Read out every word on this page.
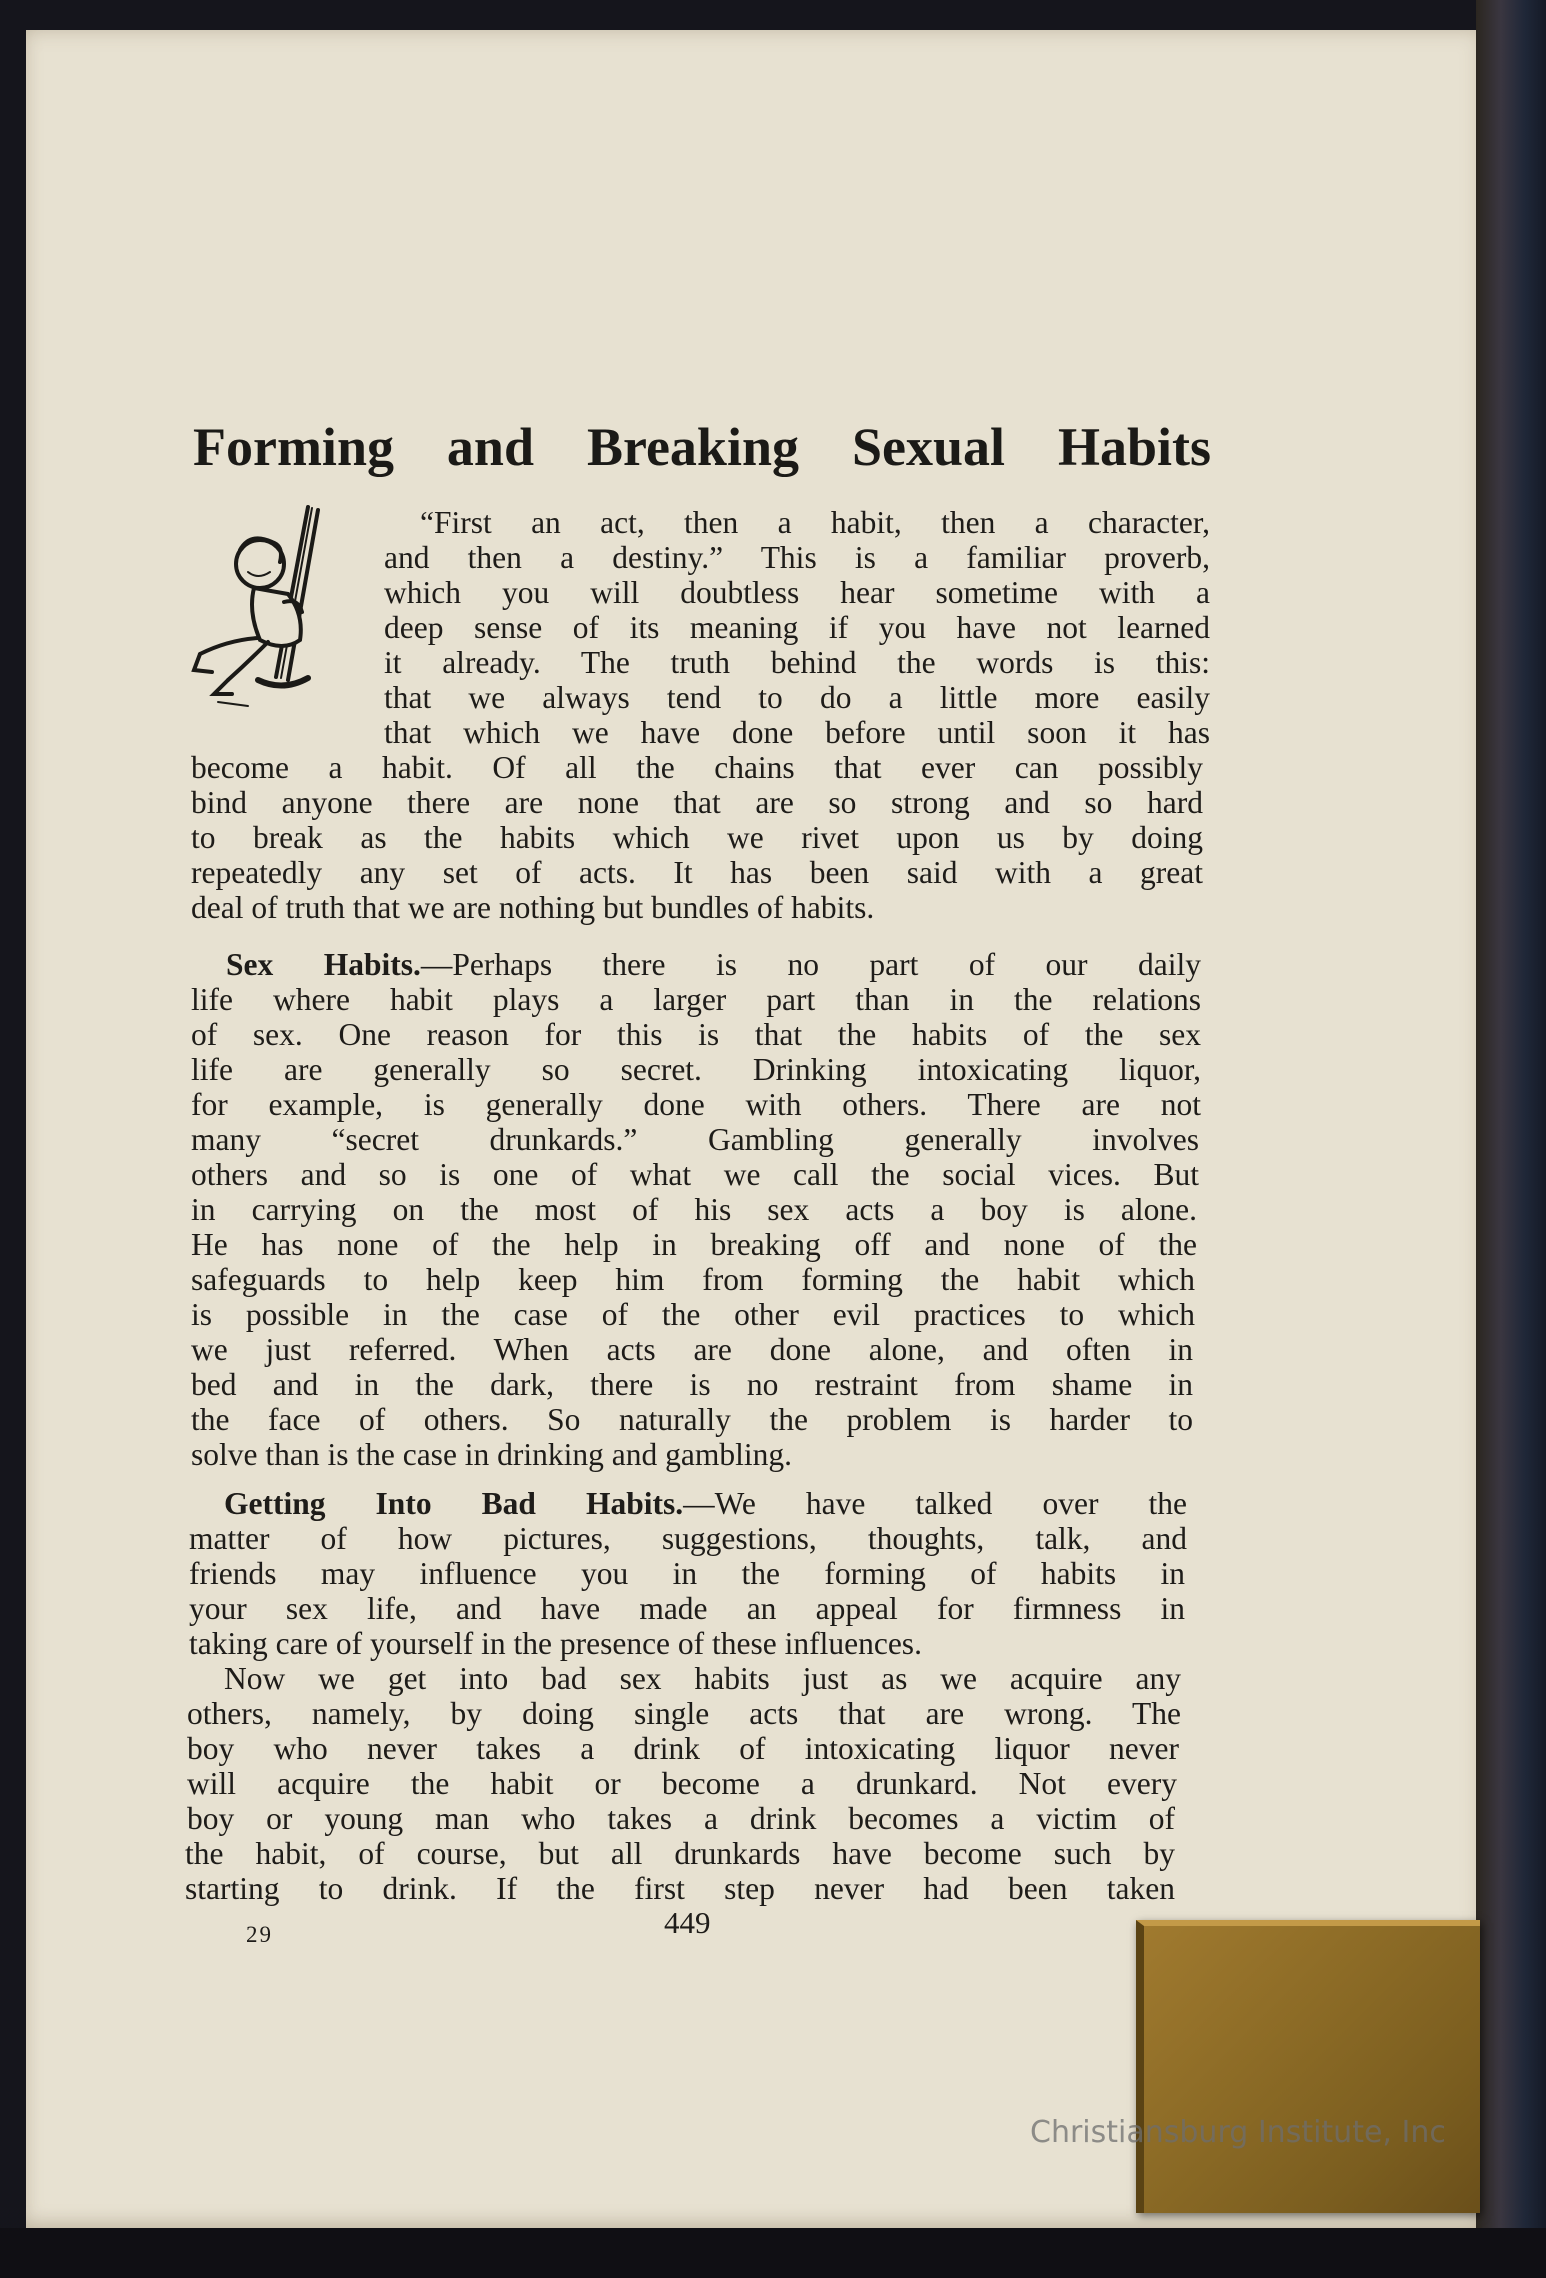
Forming and Breaking Sexual Habits
“First an act, then a habit, then a character,
and then a destiny.” This is a familiar proverb,
which you will doubtless hear sometime with a
deep sense of its meaning if you have not learned
it already. The truth behind the words is this:
that we always tend to do a little more easily
that which we have done before until soon it has
become a habit. Of all the chains that ever can possibly
bind anyone there are none that are so strong and so hard
to break as the habits which we rivet upon us by doing
repeatedly any set of acts. It has been said with a great
deal of truth that we are nothing but bundles of habits.
Sex Habits.—Perhaps there is no part of our daily
life where habit plays a larger part than in the relations
of sex. One reason for this is that the habits of the sex
life are generally so secret. Drinking intoxicating liquor,
for example, is generally done with others. There are not
many “secret drunkards.” Gambling generally involves
others and so is one of what we call the social vices. But
in carrying on the most of his sex acts a boy is alone.
He has none of the help in breaking off and none of the
safeguards to help keep him from forming the habit which
is possible in the case of the other evil practices to which
we just referred. When acts are done alone, and often in
bed and in the dark, there is no restraint from shame in
the face of others. So naturally the problem is harder to
solve than is the case in drinking and gambling.
Getting Into Bad Habits.—We have talked over the
matter of how pictures, suggestions, thoughts, talk, and
friends may influence you in the forming of habits in
your sex life, and have made an appeal for firmness in
taking care of yourself in the presence of these influences.
Now we get into bad sex habits just as we acquire any
others, namely, by doing single acts that are wrong. The
boy who never takes a drink of intoxicating liquor never
will acquire the habit or become a drunkard. Not every
boy or young man who takes a drink becomes a victim of
the habit, of course, but all drunkards have become such by
starting to drink. If the first step never had been taken
29	449
Christiansburg Institute, Inc
